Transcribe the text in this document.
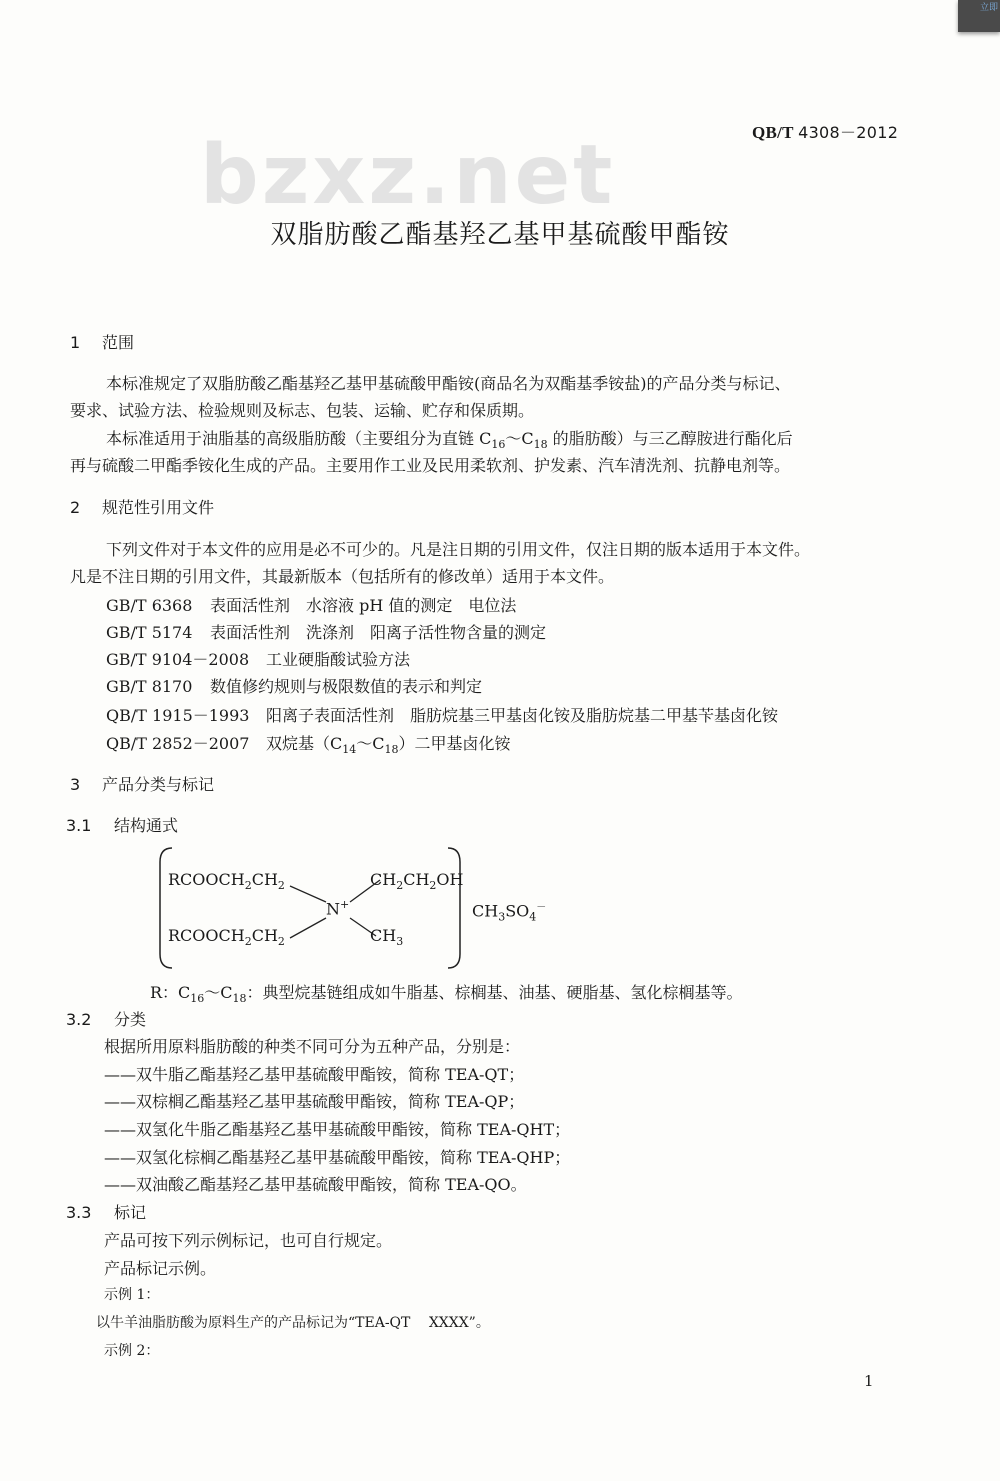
立即
bzxz.net	QB/T 4308－2012
双脂肪酸乙酯基羟乙基甲基硫酸甲酯铵
1 范围
本标准规定了双脂肪酸乙酯基羟乙基甲基硫酸甲酯铵(商品名为双酯基季铵盐)的产品分类与标记、
要求、试验方法、检验规则及标志、包装、运输、贮存和保质期。
本标准适用于油脂基的高级脂肪酸（主要组分为直链 $C_{16}\sim C_{18}$ 的脂肪酸）与三乙醇胺进行酯化后
再与硫酸二甲酯季铵化生成的产品。主要用作工业及民用柔软剂、护发素、汽车清洗剂、抗静电剂等。
2 规范性引用文件
下列文件对于本文件的应用是必不可少的。凡是注日期的引用文件，仅注日期的版本适用于本文件。
凡是不注日期的引用文件，其最新版本（包括所有的修改单）适用于本文件。
GB/T 6368 表面活性剂　水溶液 pH 值的测定　电位法
GB/T 5174 表面活性剂　洗涤剂　阳离子活性物含量的测定
GB/T 9104－2008 工业硬脂酸试验方法
GB/T 8170 数值修约规则与极限数值的表示和判定
QB/T 1915－1993 阳离子表面活性剂　脂肪烷基三甲基卤化铵及脂肪烷基二甲基苄基卤化铵
QB/T 2852－2007 双烷基$(C_{14}\sim C_{18})$二甲基卤化铵
3 产品分类与标记
3.1 结构通式
$RCOOCH_2CH_2$
$RCOOCH_2CH_2$
N+
$CH_2CH_2OH$
$CH_3$
$CH_3SO_4^-$
R：$C_{16}\sim C_{18}$：典型烷基链组成如牛脂基、棕榈基、油基、硬脂基、氢化棕榈基等。
3.2 分类
根据所用原料脂肪酸的种类不同可分为五种产品，分别是：
——双牛脂乙酯基羟乙基甲基硫酸甲酯铵，简称 TEA-QT；
——双棕榈乙酯基羟乙基甲基硫酸甲酯铵，简称 TEA-QP；
——双氢化牛脂乙酯基羟乙基甲基硫酸甲酯铵，简称 TEA-QHT；
——双氢化棕榈乙酯基羟乙基甲基硫酸甲酯铵，简称 TEA-QHP；
——双油酸乙酯基羟乙基甲基硫酸甲酯铵，简称 TEA-QO。
3.3 标记
产品可按下列示例标记，也可自行规定。
产品标记示例。
示例 1：
以牛羊油脂肪酸为原料生产的产品标记为“TEA-QT　 XXXX”。
示例 2：
1
